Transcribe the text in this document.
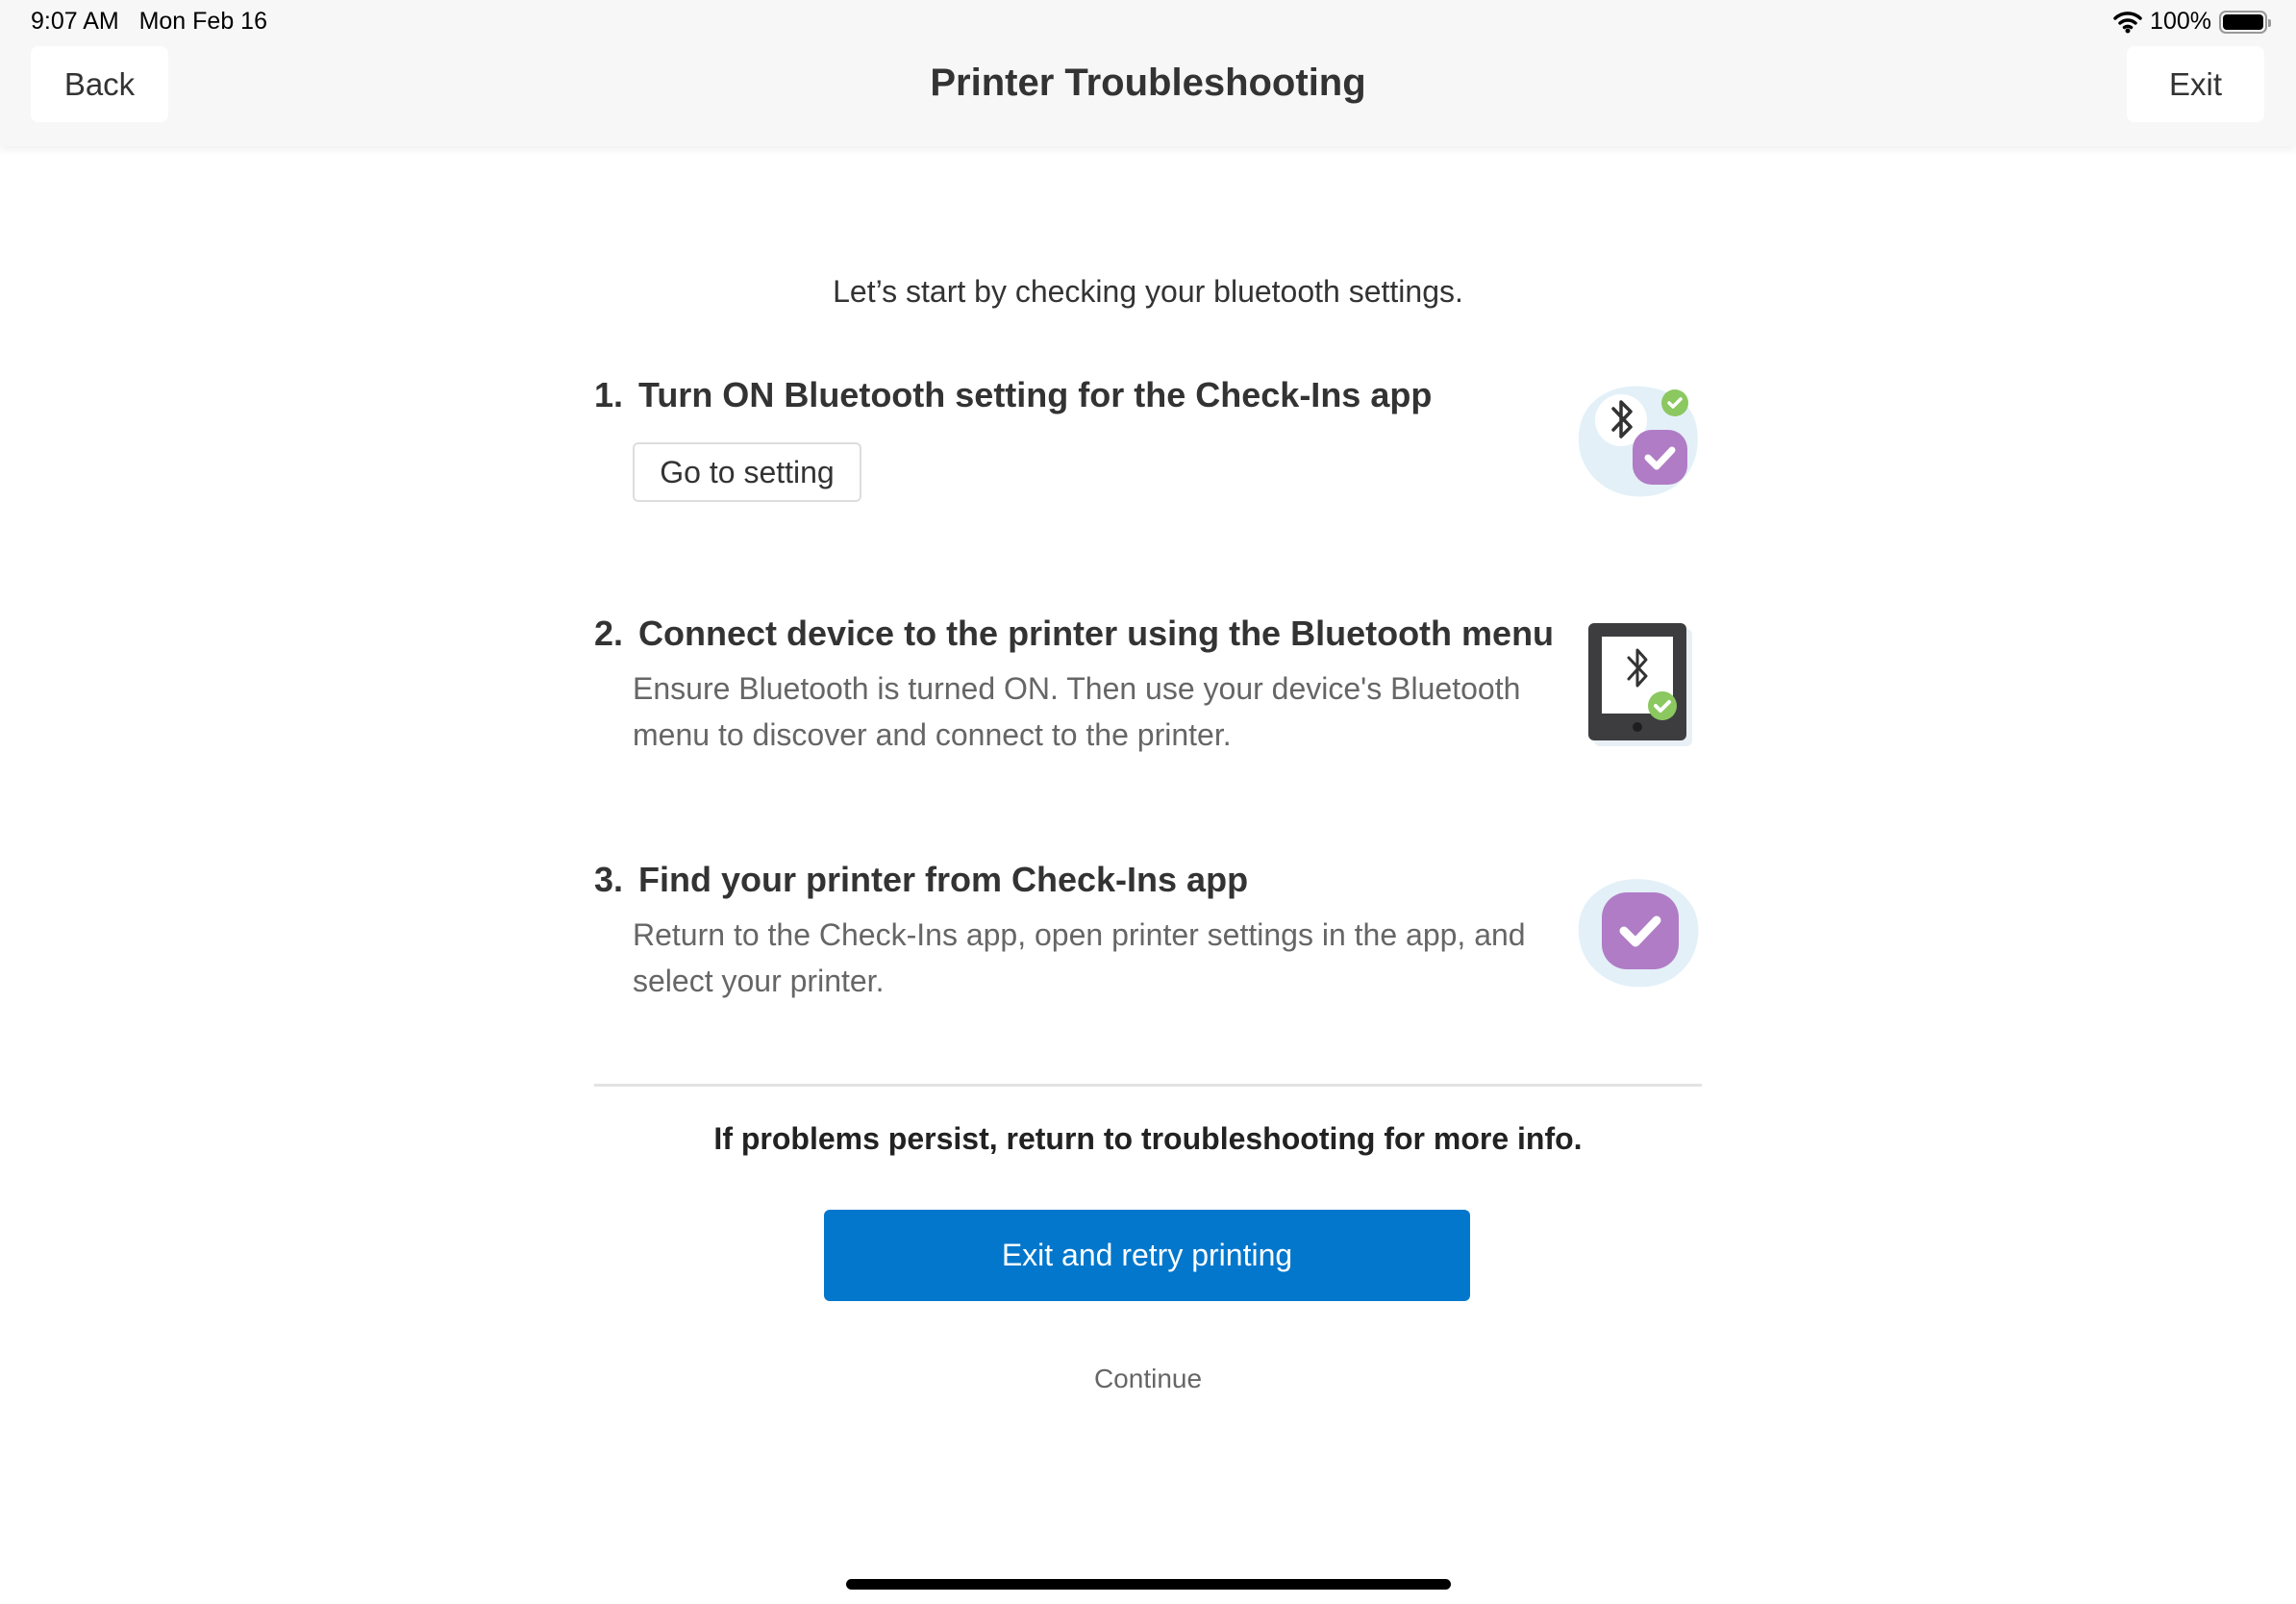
9:07 AM Mon Feb 16	100%
Back	Printer Troubleshooting	Exit
Let’s start by checking your bluetooth settings.
1. Turn ON Bluetooth setting for the Check-Ins app
Go to setting
2. Connect device to the printer using the Bluetooth menu
Ensure Bluetooth is turned ON. Then use your device's Bluetooth menu to discover and connect to the printer.
3. Find your printer from Check-Ins app
Return to the Check-Ins app, open printer settings in the app, and select your printer.
If problems persist, return to troubleshooting for more info.
Exit and retry printing
Continue
